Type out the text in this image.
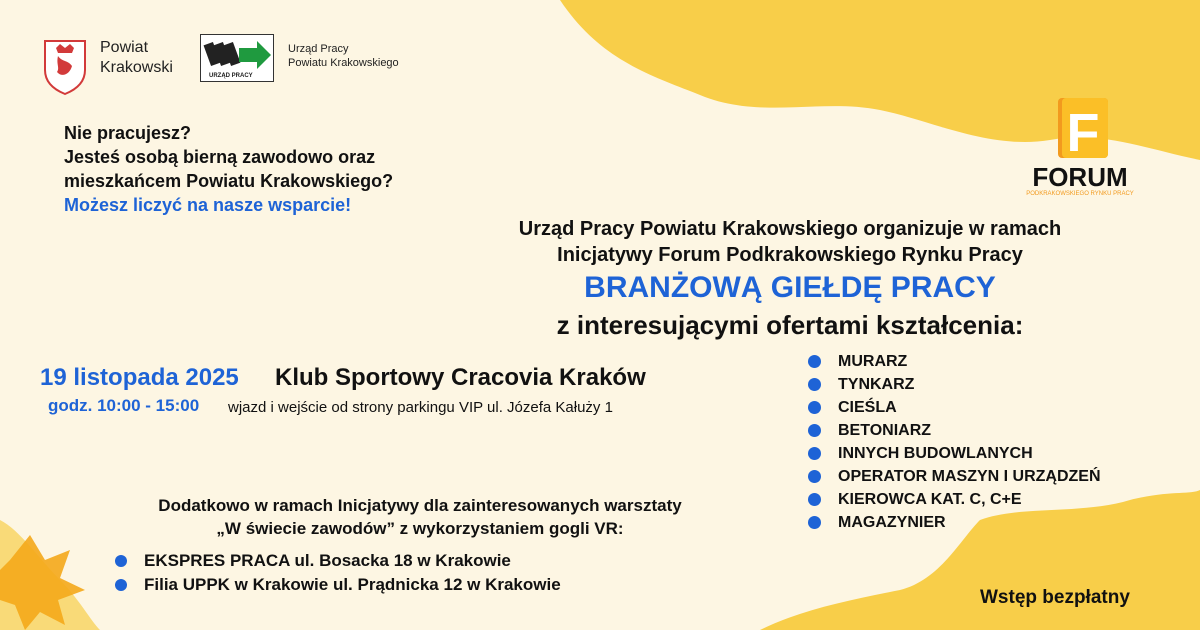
Powiat
Krakowski	URZĄD PRACY
Urząd Pracy
Powiatu Krakowskiego
F
FORUM
PODKRAKOWSKIEGO RYNKU PRACY
Nie pracujesz?
Jesteś osobą bierną zawodowo oraz
mieszkańcem Powiatu Krakowskiego?
Możesz liczyć na nasze wsparcie!
Urząd Pracy Powiatu Krakowskiego organizuje w ramach
Inicjatywy Forum Podkrakowskiego Rynku Pracy
BRANŻOWĄ GIEŁDĘ PRACY
z interesującymi ofertami kształcenia:
19 listopada 2025 Klub Sportowy Cracovia Kraków
godz. 10:00 - 15:00 wjazd i wejście od strony parkingu VIP ul. Józefa Kałuży 1
MURARZ
TYNKARZ
CIEŚLA
BETONIARZ
INNYCH BUDOWLANYCH
OPERATOR MASZYN I URZĄDZEŃ
KIEROWCA KAT. C, C+E
MAGAZYNIER
Dodatkowo w ramach Inicjatywy dla zainteresowanych warsztaty
„W świecie zawodów” z wykorzystaniem gogli VR:
EKSPRES PRACA ul. Bosacka 18 w Krakowie
Filia UPPK w Krakowie ul. Prądnicka 12 w Krakowie
Wstęp bezpłatny
